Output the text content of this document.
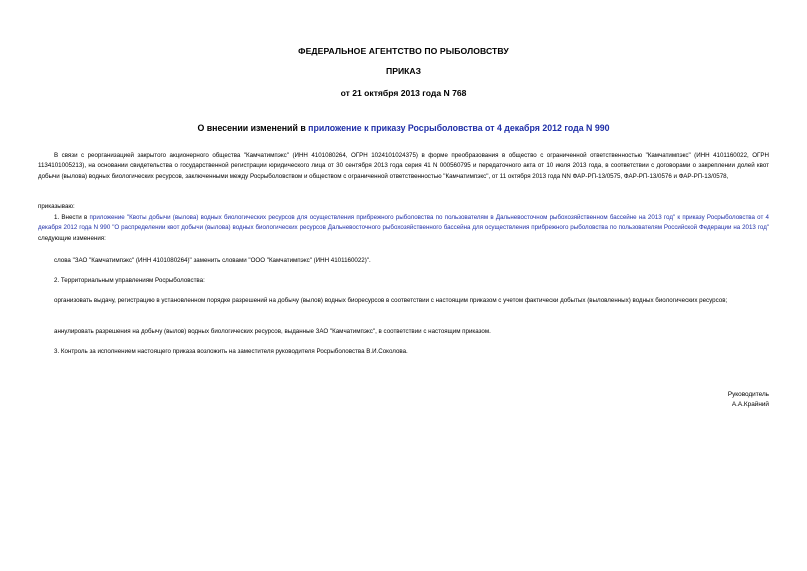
ФЕДЕРАЛЬНОЕ АГЕНТСТВО ПО РЫБОЛОВСТВУ
ПРИКАЗ
от 21 октября 2013 года N 768
О внесении изменений в приложение к приказу Росрыболовства от 4 декабря 2012 года N 990

В связи с реорганизацией закрытого акционерного общества "Камчатимпэкс" (ИНН 4101080264, ОГРН 1024101024375) в форме преобразования в общество с ограниченной ответственностью "Камчатимпэкс" (ИНН 4101160022, ОГРН 1134101005213), на основании свидетельства о государственной регистрации юридического лица от 30 сентября 2013 года серия 41 N 000560795 и передаточного акта от 10 июля 2013 года, в соответствии с договорами о закреплении долей квот добычи (вылова) водных биологических ресурсов, заключенными между Росрыболовством и обществом с ограниченной ответственностью "Камчатимпэкс", от 11 октября 2013 года NN ФАР-РП-13/0575, ФАР-РП-13/0576 и ФАР-РП-13/0578,

приказываю:

1. Внести в приложение "Квоты добычи (вылова) водных биологических ресурсов для осуществления прибрежного рыболовства по пользователям в Дальневосточном рыбохозяйственном бассейне на 2013 год" к приказу Росрыболовства от 4 декабря 2012 года N 990 "О распределении квот добычи (вылова) водных биологических ресурсов Дальневосточного рыбохозяйственного бассейна для осуществления прибрежного рыболовства по пользователям Российской Федерации на 2013 год" следующие изменения:

слова "ЗАО "Камчатимпэкс" (ИНН 4101080264)" заменить словами "ООО "Камчатимпэкс" (ИНН 4101160022)".

2. Территориальным управлениям Росрыболовства:

организовать выдачу, регистрацию в установленном порядке разрешений на добычу (вылов) водных биоресурсов в соответствии с настоящим приказом с учетом фактически добытых (выловленных) водных биологических ресурсов;

аннулировать разрешения на добычу (вылов) водных биологических ресурсов, выданные ЗАО "Камчатимпэкс", в соответствии с настоящим приказом.

3. Контроль за исполнением настоящего приказа возложить на заместителя руководителя Росрыболовства В.И.Соколова.

Руководитель
А.А.Крайний
